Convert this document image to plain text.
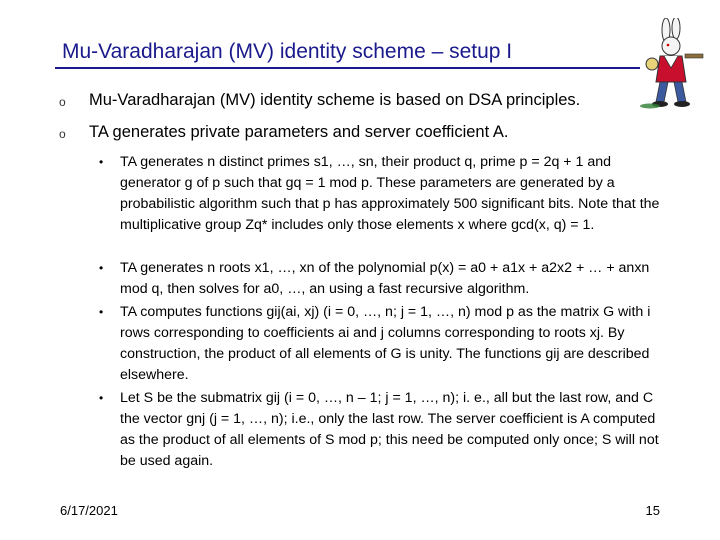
Mu-Varadharajan (MV) identity scheme – setup I
o Mu-Varadharajan (MV) identity scheme is based on DSA principles.
o TA generates private parameters and server coefficient A.
• TA generates n distinct primes s1, …, sn, their product q, prime p = 2q + 1 and generator g of p such that gq = 1 mod p. These parameters are generated by a probabilistic algorithm such that p has approximately 500 significant bits. Note that the multiplicative group Zq* includes only those elements x where gcd(x, q) = 1.
• TA generates n roots x1, …, xn of the polynomial p(x) = a0 + a1x + a2x2 + … + anxn mod q, then solves for a0, …, an using a fast recursive algorithm.
• TA computes functions gij(ai, xj) (i = 0, …, n; j = 1, …, n) mod p as the matrix G with i rows corresponding to coefficients ai and j columns corresponding to roots xj. By construction, the product of all elements of G is unity. The functions gij are described elsewhere.
• Let S be the submatrix gij (i = 0, …, n – 1; j = 1, …, n); i. e., all but the last row, and C the vector gnj (j = 1, …, n); i.e., only the last row. The server coefficient is A computed as the product of all elements of S mod p; this need be computed only once; S will not be used again.
6/17/2021	15
